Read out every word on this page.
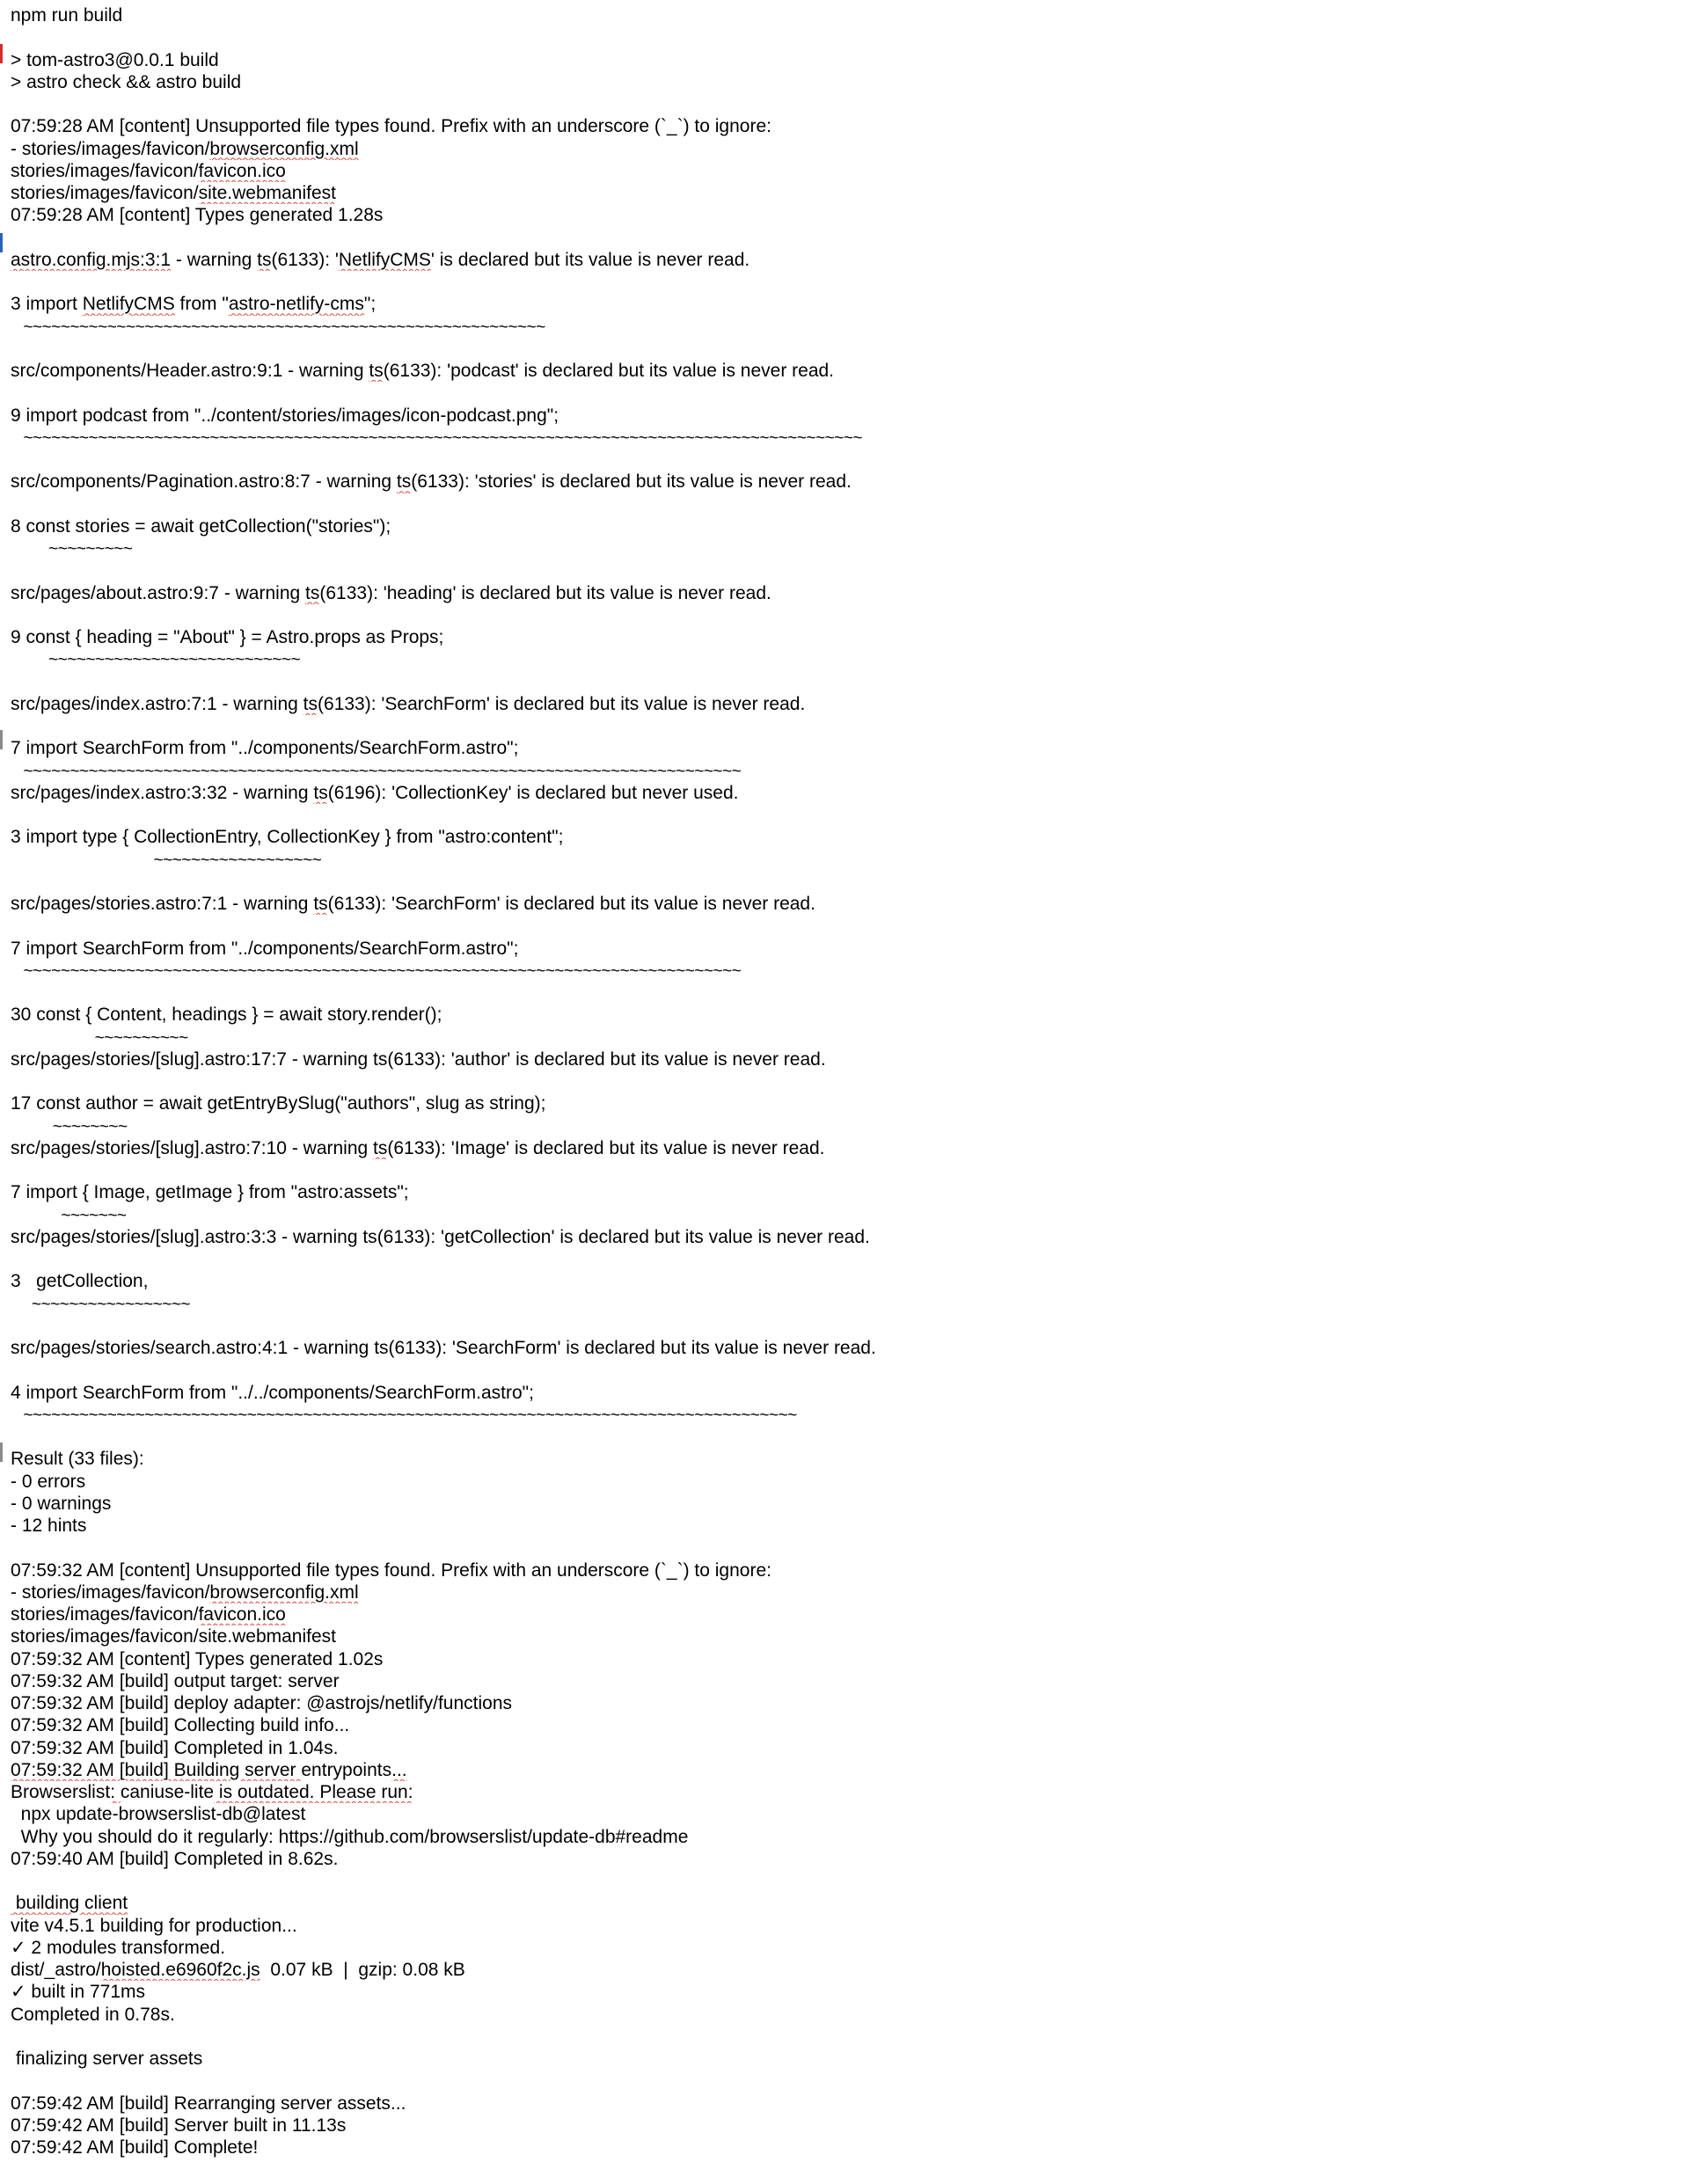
npm run build
> tom-astro3@0.0.1 build
> astro check && astro build
07:59:28 AM [content] Unsupported file types found. Prefix with an underscore (`_`) to ignore:
- stories/images/favicon/browserconfig.xml
stories/images/favicon/favicon.ico
stories/images/favicon/site.webmanifest
07:59:28 AM [content] Types generated 1.28s
astro.config.mjs:3:1 - warning ts(6133): 'NetlifyCMS' is declared but its value is never read.
3 import NetlifyCMS from "astro-netlify-cms";
~~~~~~~~~~~~~~~~~~~~~~~~~~~~~~~~~~~~~~~~~~~~~~~~~~~~~~~~
src/components/Header.astro:9:1 - warning ts(6133): 'podcast' is declared but its value is never read.
9 import podcast from "../content/stories/images/icon-podcast.png";
~~~~~~~~~~~~~~~~~~~~~~~~~~~~~~~~~~~~~~~~~~~~~~~~~~~~~~~~~~~~~~~~~~~~~~~~~~~~~~~~~~~~~~~~~~
src/components/Pagination.astro:8:7 - warning ts(6133): 'stories' is declared but its value is never read.
8 const stories = await getCollection("stories");
~~~~~~~~~
src/pages/about.astro:9:7 - warning ts(6133): 'heading' is declared but its value is never read.
9 const { heading = "About" } = Astro.props as Props;
~~~~~~~~~~~~~~~~~~~~~~~~~~~
src/pages/index.astro:7:1 - warning ts(6133): 'SearchForm' is declared but its value is never read.
7 import SearchForm from "../components/SearchForm.astro";
~~~~~~~~~~~~~~~~~~~~~~~~~~~~~~~~~~~~~~~~~~~~~~~~~~~~~~~~~~~~~~~~~~~~~~~~~~~~~
src/pages/index.astro:3:32 - warning ts(6196): 'CollectionKey' is declared but never used.
3 import type { CollectionEntry, CollectionKey } from "astro:content";
~~~~~~~~~~~~~~~~~~
src/pages/stories.astro:7:1 - warning ts(6133): 'SearchForm' is declared but its value is never read.
7 import SearchForm from "../components/SearchForm.astro";
~~~~~~~~~~~~~~~~~~~~~~~~~~~~~~~~~~~~~~~~~~~~~~~~~~~~~~~~~~~~~~~~~~~~~~~~~~~~~
30 const { Content, headings } = await story.render();
~~~~~~~~~~
src/pages/stories/[slug].astro:17:7 - warning ts(6133): 'author' is declared but its value is never read.
17 const author = await getEntryBySlug("authors", slug as string);
~~~~~~~~
src/pages/stories/[slug].astro:7:10 - warning ts(6133): 'Image' is declared but its value is never read.
7 import { Image, getImage } from "astro:assets";
~~~~~~~
src/pages/stories/[slug].astro:3:3 - warning ts(6133): 'getCollection' is declared but its value is never read.
3   getCollection,
~~~~~~~~~~~~~~~~~
src/pages/stories/search.astro:4:1 - warning ts(6133): 'SearchForm' is declared but its value is never read.
4 import SearchForm from "../../components/SearchForm.astro";
~~~~~~~~~~~~~~~~~~~~~~~~~~~~~~~~~~~~~~~~~~~~~~~~~~~~~~~~~~~~~~~~~~~~~~~~~~~~~~~~~~~
Result (33 files):
- 0 errors
- 0 warnings
- 12 hints
07:59:32 AM [content] Unsupported file types found. Prefix with an underscore (`_`) to ignore:
- stories/images/favicon/browserconfig.xml
stories/images/favicon/favicon.ico
stories/images/favicon/site.webmanifest
07:59:32 AM [content] Types generated 1.02s
07:59:32 AM [build] output target: server
07:59:32 AM [build] deploy adapter: @astrojs/netlify/functions
07:59:32 AM [build] Collecting build info...
07:59:32 AM [build] Completed in 1.04s.
07:59:32 AM [build] Building server entrypoints...
Browserslist: caniuse-lite is outdated. Please run:
npx update-browserslist-db@latest
Why you should do it regularly: https://github.com/browserslist/update-db#readme
07:59:40 AM [build] Completed in 8.62s.
building client
vite v4.5.1 building for production...
✓ 2 modules transformed.
dist/_astro/hoisted.e6960f2c.js  0.07 kB  |  gzip: 0.08 kB
✓ built in 771ms
Completed in 0.78s.
finalizing server assets
07:59:42 AM [build] Rearranging server assets...
07:59:42 AM [build] Server built in 11.13s
07:59:42 AM [build] Complete!
